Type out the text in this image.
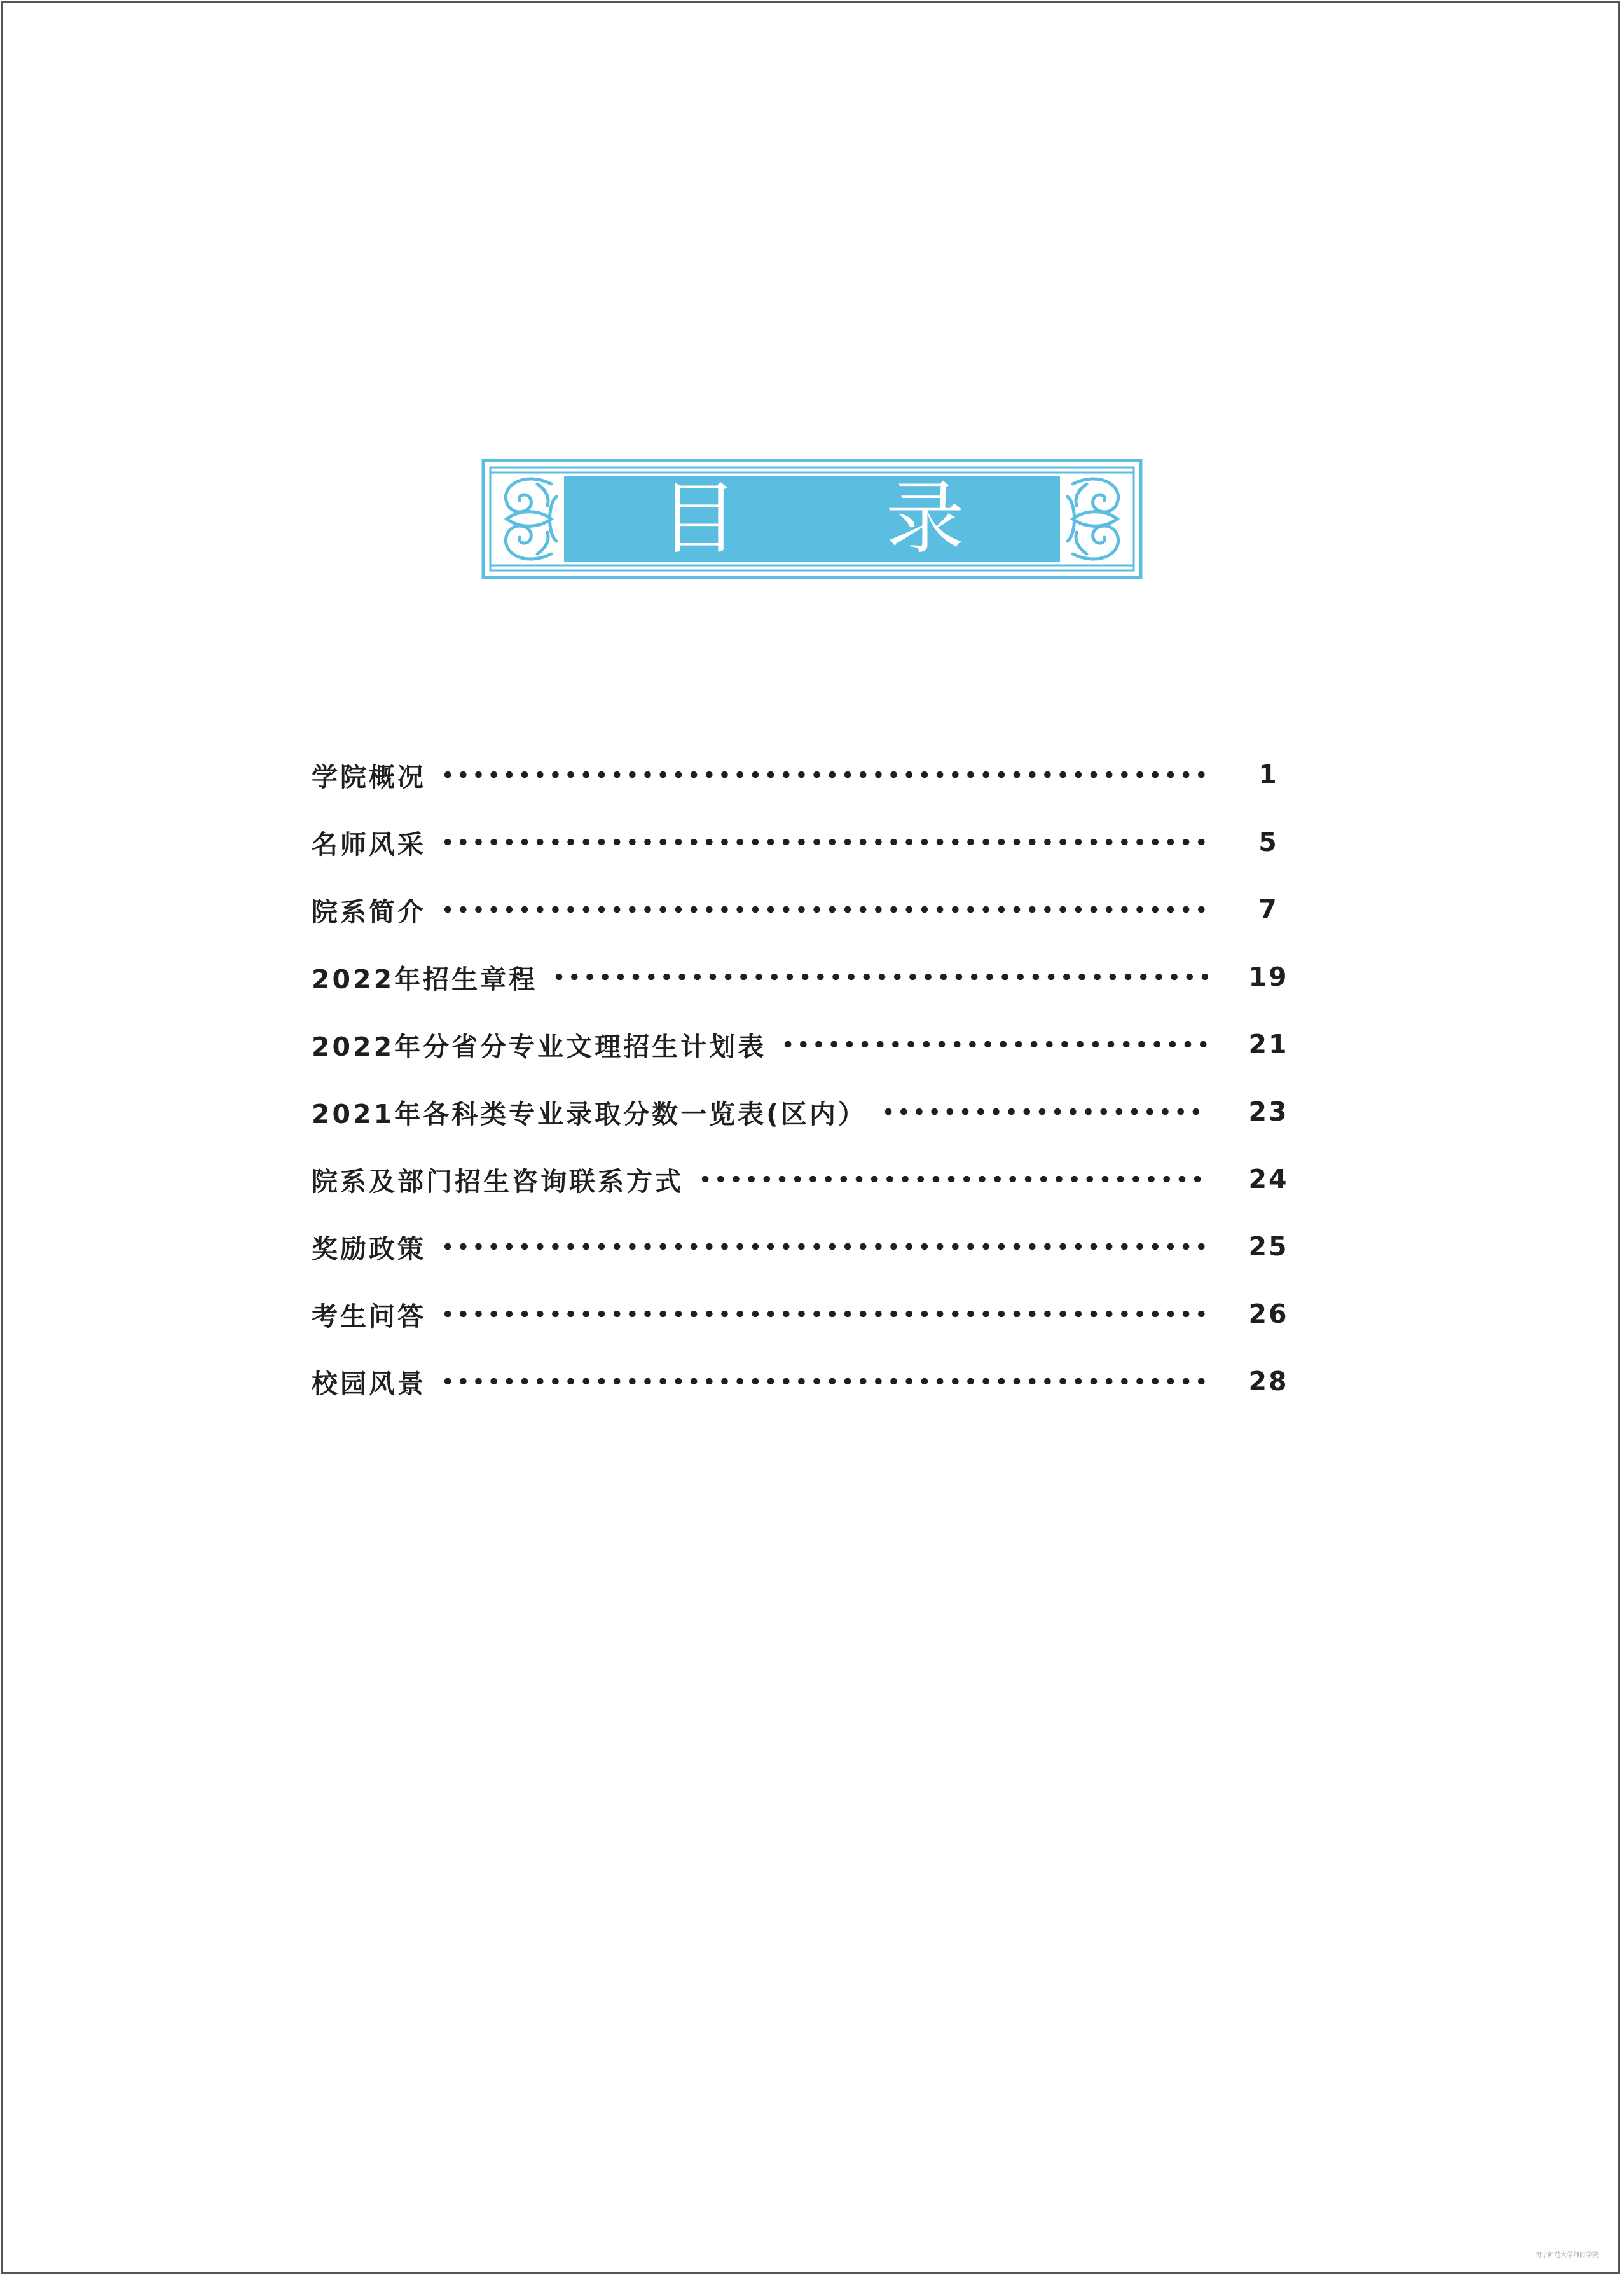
目 录
学院概况	1
名师风采	5
院系简介	7
2022年招生章程	19
2022年分省分专业文理招生计划表	21
2021年各科类专业录取分数一览表(区内）	23
院系及部门招生咨询联系方式	24
奖励政策	25
考生问答	26
校园风景	28
南宁师范大学师园学院
